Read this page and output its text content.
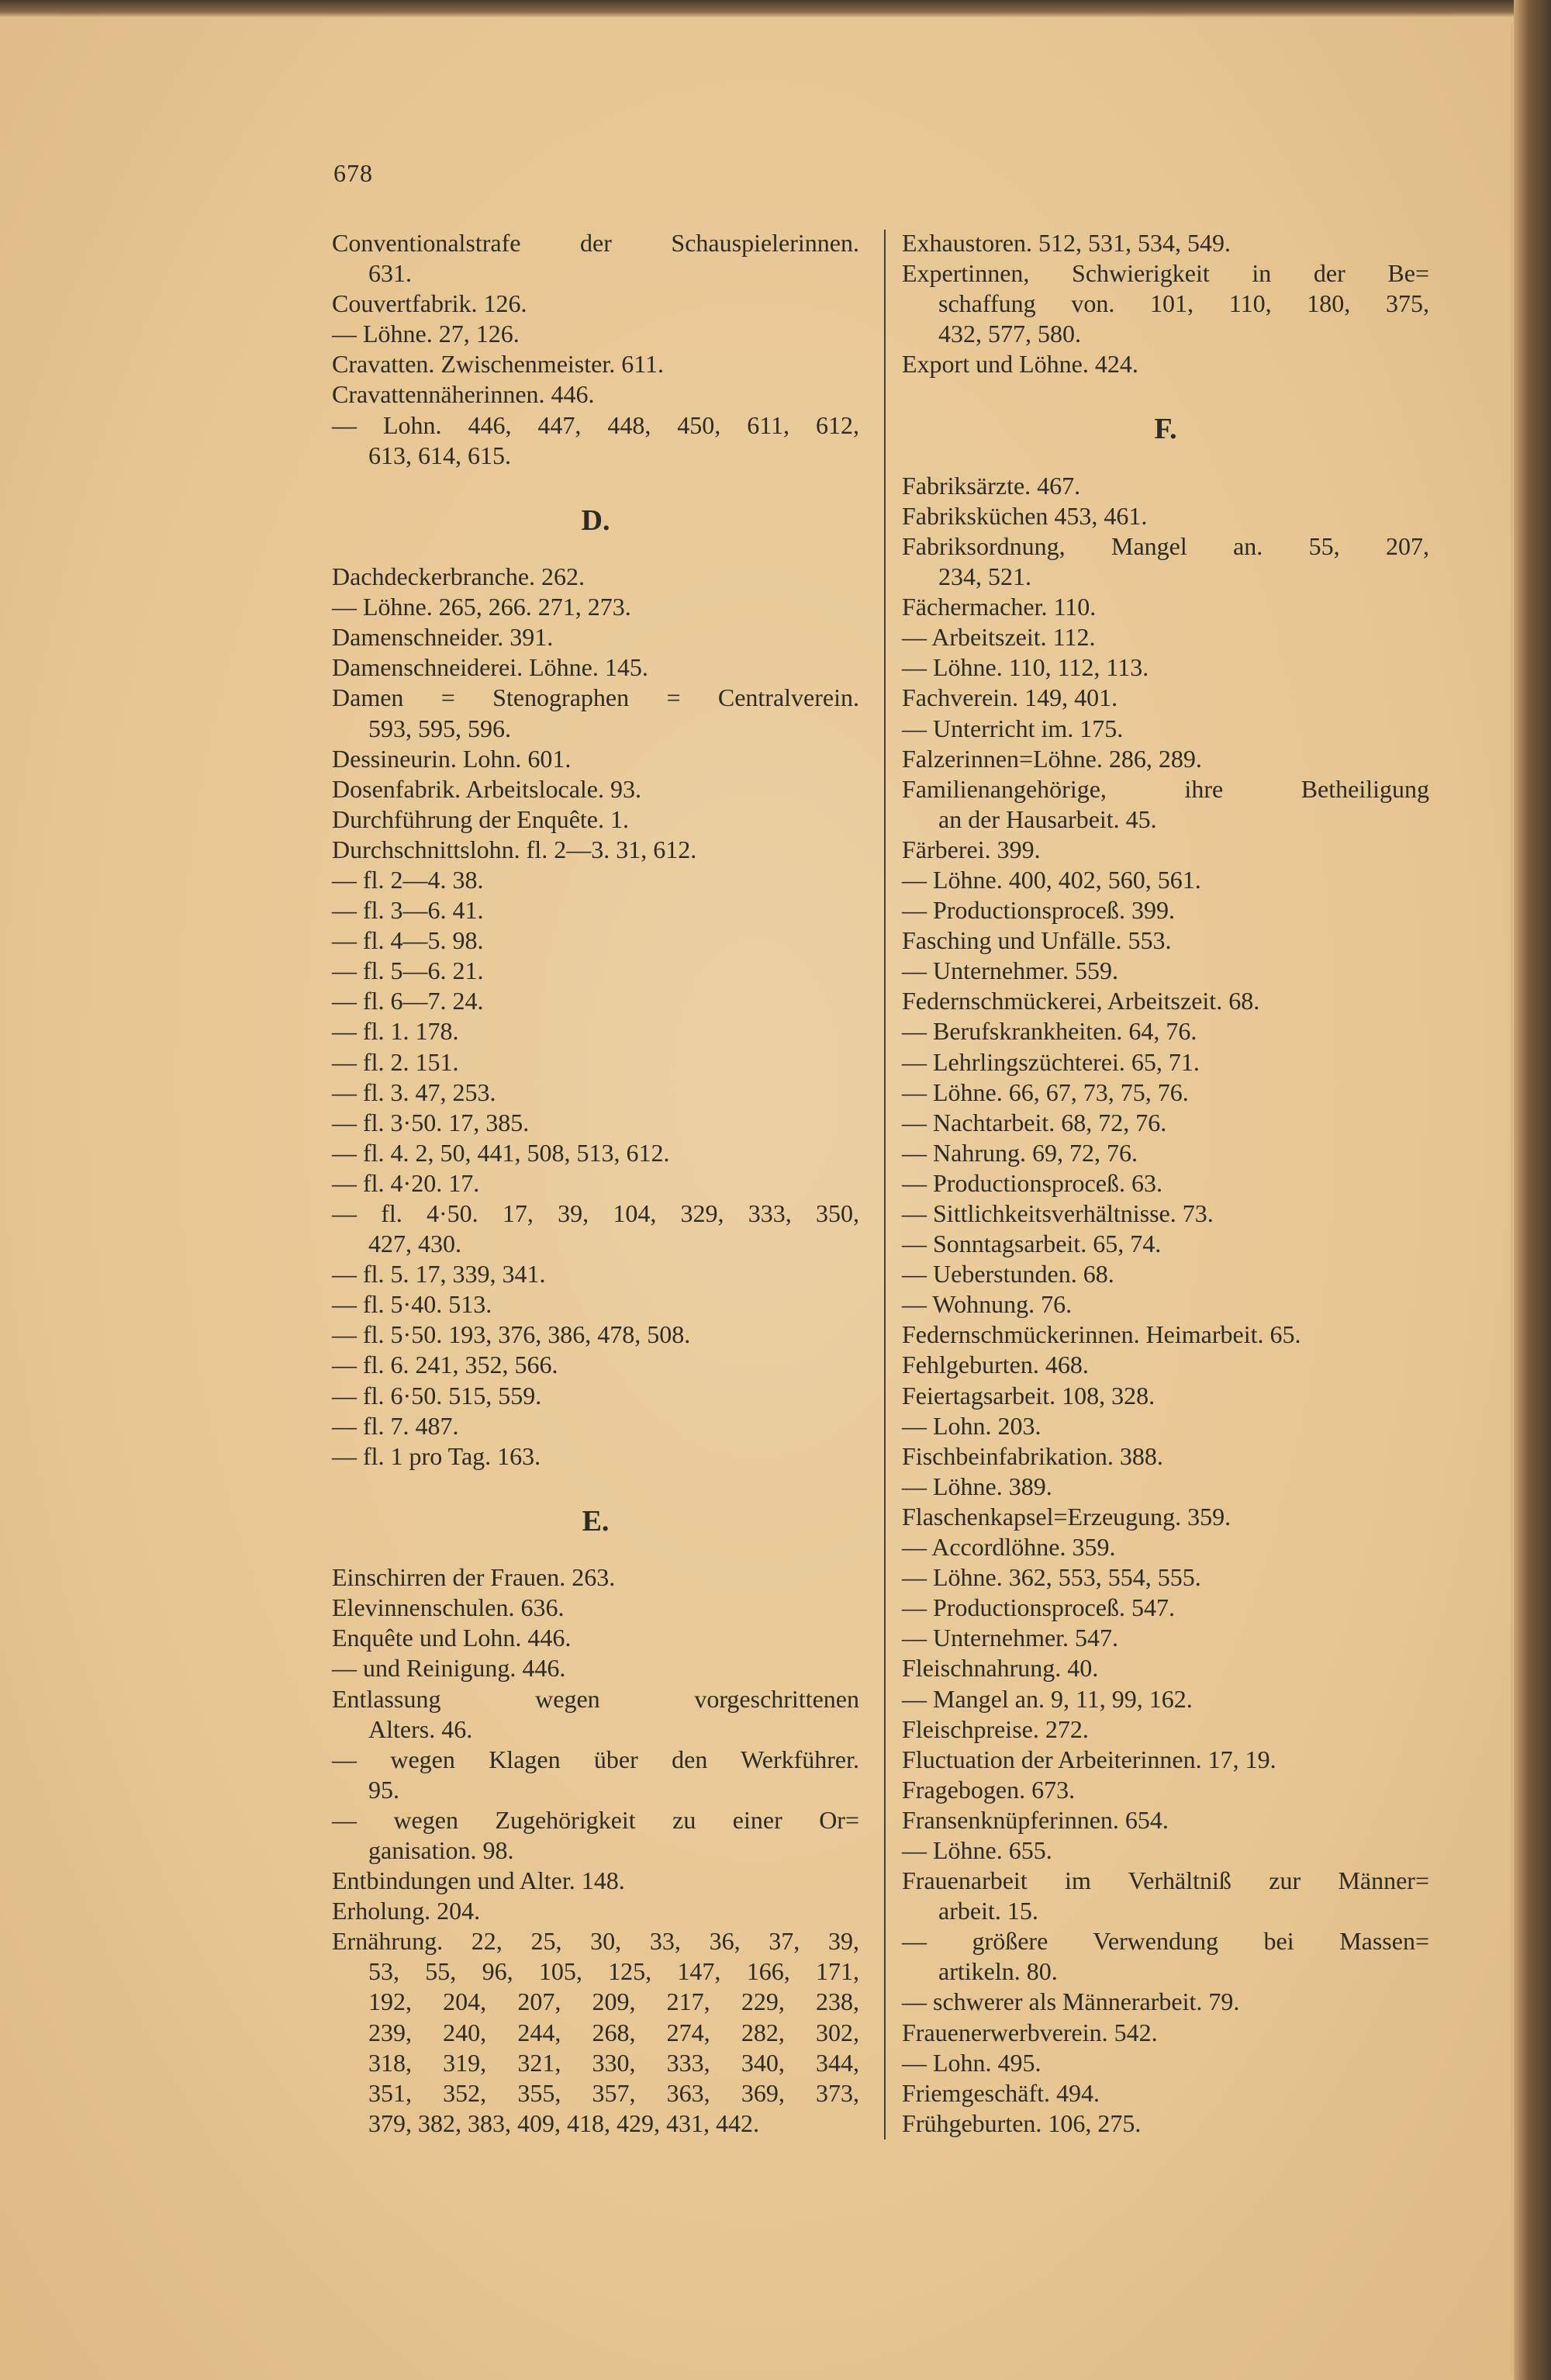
678
Conventionalstrafe der Schauspielerinnen.
631.
Couvertfabrik. 126.
— Löhne. 27, 126.
Cravatten. Zwischenmeister. 611.
Cravattennäherinnen. 446.
— Lohn. 446, 447, 448, 450, 611, 612,
613, 614, 615.
D.
Dachdeckerbranche. 262.
— Löhne. 265, 266. 271, 273.
Damenschneider. 391.
Damenschneiderei. Löhne. 145.
Damen = Stenographen = Centralverein.
593, 595, 596.
Dessineurin. Lohn. 601.
Dosenfabrik. Arbeitslocale. 93.
Durchführung der Enquête. 1.
Durchschnittslohn. fl. 2—3. 31, 612.
— fl. 2—4. 38.
— fl. 3—6. 41.
— fl. 4—5. 98.
— fl. 5—6. 21.
— fl. 6—7. 24.
— fl. 1. 178.
— fl. 2. 151.
— fl. 3. 47, 253.
— fl. 3·50. 17, 385.
— fl. 4. 2, 50, 441, 508, 513, 612.
— fl. 4·20. 17.
— fl. 4·50. 17, 39, 104, 329, 333, 350,
427, 430.
— fl. 5. 17, 339, 341.
— fl. 5·40. 513.
— fl. 5·50. 193, 376, 386, 478, 508.
— fl. 6. 241, 352, 566.
— fl. 6·50. 515, 559.
— fl. 7. 487.
— fl. 1 pro Tag. 163.
E.
Einschirren der Frauen. 263.
Elevinnenschulen. 636.
Enquête und Lohn. 446.
— und Reinigung. 446.
Entlassung wegen vorgeschrittenen
Alters. 46.
— wegen Klagen über den Werkführer.
95.
— wegen Zugehörigkeit zu einer Or=
ganisation. 98.
Entbindungen und Alter. 148.
Erholung. 204.
Ernährung. 22, 25, 30, 33, 36, 37, 39,
53, 55, 96, 105, 125, 147, 166, 171,
192, 204, 207, 209, 217, 229, 238,
239, 240, 244, 268, 274, 282, 302,
318, 319, 321, 330, 333, 340, 344,
351, 352, 355, 357, 363, 369, 373,
379, 382, 383, 409, 418, 429, 431, 442.
Exhaustoren. 512, 531, 534, 549.
Expertinnen, Schwierigkeit in der Be=
schaffung von. 101, 110, 180, 375,
432, 577, 580.
Export und Löhne. 424.
F.
Fabriksärzte. 467.
Fabriksküchen 453, 461.
Fabriksordnung, Mangel an. 55, 207,
234, 521.
Fächermacher. 110.
— Arbeitszeit. 112.
— Löhne. 110, 112, 113.
Fachverein. 149, 401.
— Unterricht im. 175.
Falzerinnen=Löhne. 286, 289.
Familienangehörige, ihre Betheiligung
an der Hausarbeit. 45.
Färberei. 399.
— Löhne. 400, 402, 560, 561.
— Productionsproceß. 399.
Fasching und Unfälle. 553.
— Unternehmer. 559.
Federnschmückerei, Arbeitszeit. 68.
— Berufskrankheiten. 64, 76.
— Lehrlingszüchterei. 65, 71.
— Löhne. 66, 67, 73, 75, 76.
— Nachtarbeit. 68, 72, 76.
— Nahrung. 69, 72, 76.
— Productionsproceß. 63.
— Sittlichkeitsverhältnisse. 73.
— Sonntagsarbeit. 65, 74.
— Ueberstunden. 68.
— Wohnung. 76.
Federnschmückerinnen. Heimarbeit. 65.
Fehlgeburten. 468.
Feiertagsarbeit. 108, 328.
— Lohn. 203.
Fischbeinfabrikation. 388.
— Löhne. 389.
Flaschenkapsel=Erzeugung. 359.
— Accordlöhne. 359.
— Löhne. 362, 553, 554, 555.
— Productionsproceß. 547.
— Unternehmer. 547.
Fleischnahrung. 40.
— Mangel an. 9, 11, 99, 162.
Fleischpreise. 272.
Fluctuation der Arbeiterinnen. 17, 19.
Fragebogen. 673.
Fransenknüpferinnen. 654.
— Löhne. 655.
Frauenarbeit im Verhältniß zur Männer=
arbeit. 15.
— größere Verwendung bei Massen=
artikeln. 80.
— schwerer als Männerarbeit. 79.
Frauenerwerbverein. 542.
— Lohn. 495.
Friemgeschäft. 494.
Frühgeburten. 106, 275.
